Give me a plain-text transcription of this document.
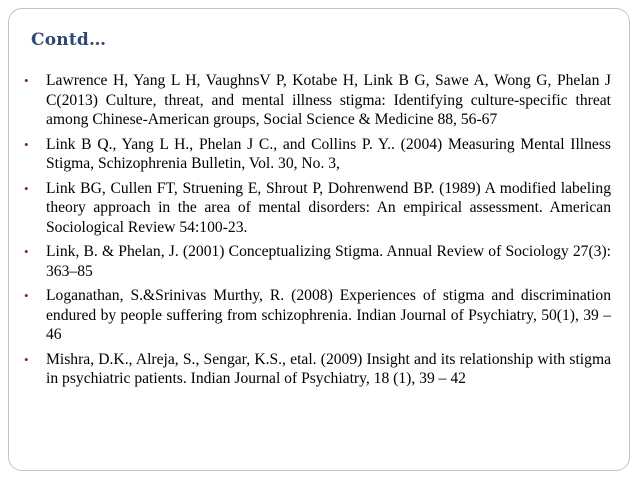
Contd…
•	Lawrence H, Yang L H, VaughnsV P, Kotabe H, Link B G, Sawe A, Wong G, Phelan J C(2013) Culture, threat, and mental illness stigma: Identifying culture-specific threat among Chinese-American groups, Social Science & Medicine 88, 56-67
•	Link B Q., Yang L H., Phelan J C., and Collins P. Y.. (2004) Measuring Mental Illness Stigma, Schizophrenia Bulletin, Vol. 30, No. 3,
•	Link BG, Cullen FT, Struening E, Shrout P, Dohrenwend BP. (1989) A modified labeling theory approach in the area of mental disorders: An empirical assessment. American Sociological Review 54:100-23.
•	Link, B. & Phelan, J. (2001) Conceptualizing Stigma. Annual Review of Sociology 27(3): 363–85
•	Loganathan, S.&Srinivas Murthy, R. (2008) Experiences of stigma and discrimination endured by people suffering from schizophrenia. Indian Journal of Psychiatry, 50(1), 39 – 46
•	Mishra, D.K., Alreja, S., Sengar, K.S., etal. (2009) Insight and its relationship with stigma in psychiatric patients. Indian Journal of Psychiatry, 18 (1), 39 – 42
